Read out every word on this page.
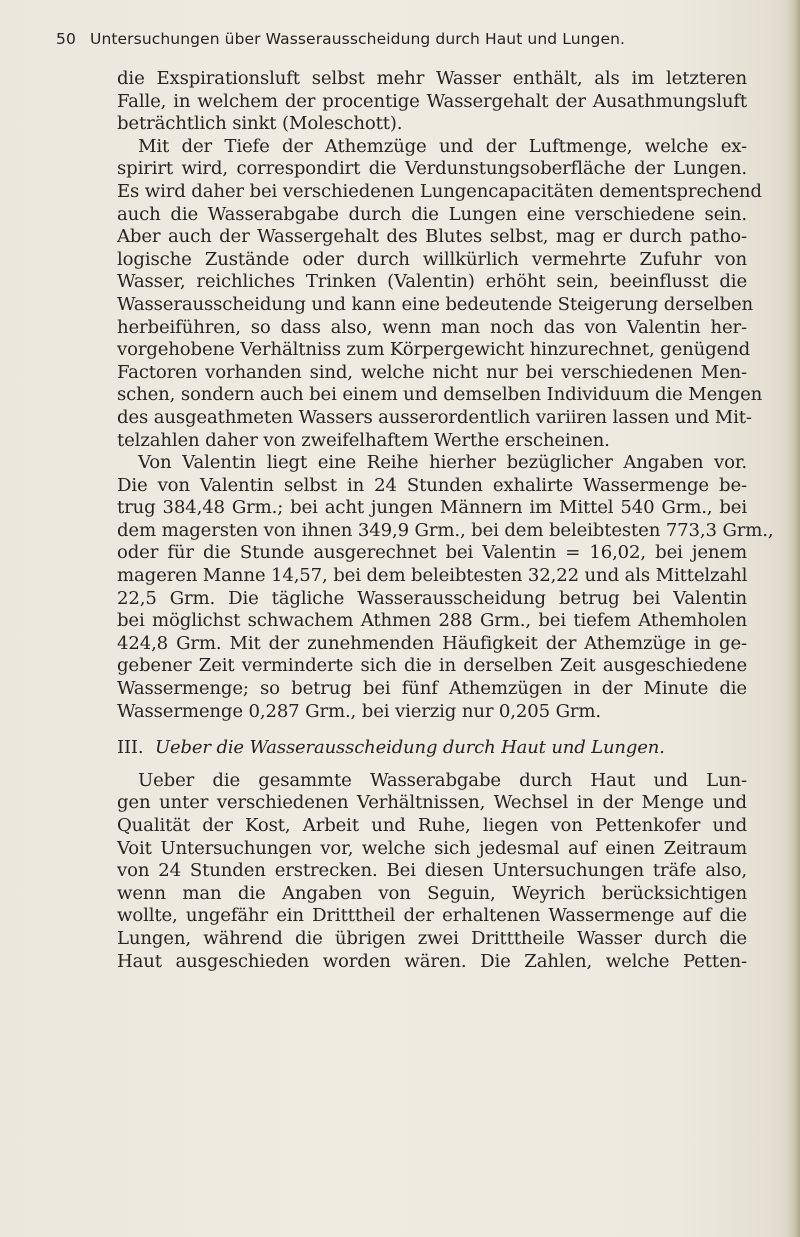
50 Untersuchungen über Wasserausscheidung durch Haut und Lungen.
die Exspirationsluft selbst mehr Wasser enthält, als im letzteren
Falle, in welchem der procentige Wassergehalt der Ausathmungsluft
beträchtlich sinkt (Moleschott).
Mit der Tiefe der Athemzüge und der Luftmenge, welche ex-
spirirt wird, correspondirt die Verdunstungsoberfläche der Lungen.
Es wird daher bei verschiedenen Lungencapacitäten dementsprechend
auch die Wasserabgabe durch die Lungen eine verschiedene sein.
Aber auch der Wassergehalt des Blutes selbst, mag er durch patho-
logische Zustände oder durch willkürlich vermehrte Zufuhr von
Wasser, reichliches Trinken (Valentin) erhöht sein, beeinflusst die
Wasserausscheidung und kann eine bedeutende Steigerung derselben
herbeiführen, so dass also, wenn man noch das von Valentin her-
vorgehobene Verhältniss zum Körpergewicht hinzurechnet, genügend
Factoren vorhanden sind, welche nicht nur bei verschiedenen Men-
schen, sondern auch bei einem und demselben Individuum die Mengen
des ausgeathmeten Wassers ausserordentlich variiren lassen und Mit-
telzahlen daher von zweifelhaftem Werthe erscheinen.
Von Valentin liegt eine Reihe hierher bezüglicher Angaben vor.
Die von Valentin selbst in 24 Stunden exhalirte Wassermenge be-
trug 384,48 Grm.; bei acht jungen Männern im Mittel 540 Grm., bei
dem magersten von ihnen 349,9 Grm., bei dem beleibtesten 773,3 Grm.,
oder für die Stunde ausgerechnet bei Valentin = 16,02, bei jenem
mageren Manne 14,57, bei dem beleibtesten 32,22 und als Mittelzahl
22,5 Grm. Die tägliche Wasserausscheidung betrug bei Valentin
bei möglichst schwachem Athmen 288 Grm., bei tiefem Athemholen
424,8 Grm. Mit der zunehmenden Häufigkeit der Athemzüge in ge-
gebener Zeit verminderte sich die in derselben Zeit ausgeschiedene
Wassermenge; so betrug bei fünf Athemzügen in der Minute die
Wassermenge 0,287 Grm., bei vierzig nur 0,205 Grm.
III. Ueber die Wasserausscheidung durch Haut und Lungen.
Ueber die gesammte Wasserabgabe durch Haut und Lun-
gen unter verschiedenen Verhältnissen, Wechsel in der Menge und
Qualität der Kost, Arbeit und Ruhe, liegen von Pettenkofer und
Voit Untersuchungen vor, welche sich jedesmal auf einen Zeitraum
von 24 Stunden erstrecken. Bei diesen Untersuchungen träfe also,
wenn man die Angaben von Seguin, Weyrich berücksichtigen
wollte, ungefähr ein Dritttheil der erhaltenen Wassermenge auf die
Lungen, während die übrigen zwei Dritttheile Wasser durch die
Haut ausgeschieden worden wären. Die Zahlen, welche Petten-
